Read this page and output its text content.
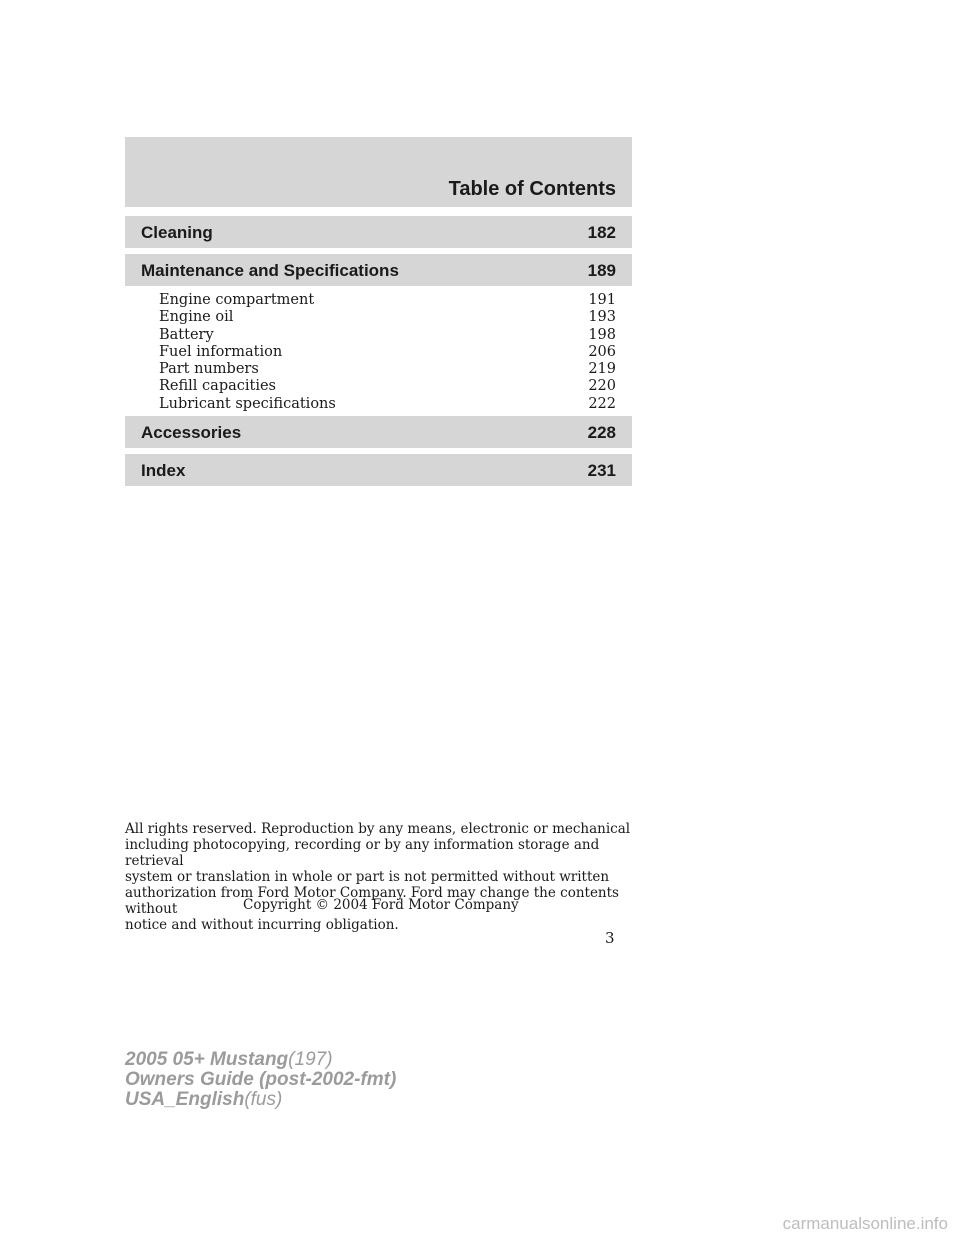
Table of Contents
Cleaning	182
Maintenance and Specifications	189
Engine compartment	191
Engine oil	193
Battery	198
Fuel information	206
Part numbers	219
Refill capacities	220
Lubricant specifications	222
Accessories	228
Index	231
All rights reserved. Reproduction by any means, electronic or mechanical
including photocopying, recording or by any information storage and retrieval
system or translation in whole or part is not permitted without written
authorization from Ford Motor Company. Ford may change the contents without
notice and without incurring obligation.
Copyright © 2004 Ford Motor Company
3
2005 05+ Mustang(197)
Owners Guide (post-2002-fmt)
USA_English(fus)
carmanualsonline.info
